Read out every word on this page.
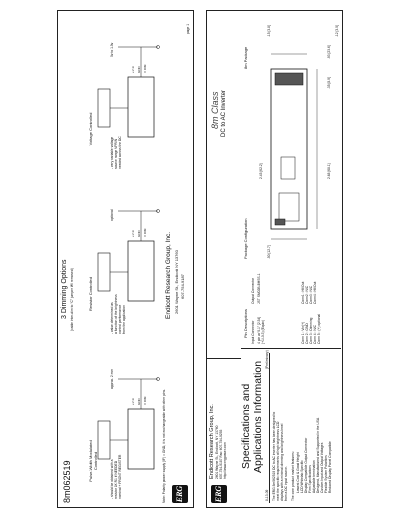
8m062519
3 Dimming Options (cable inter-dim to "C" jumper W/ removed)
+V in GND V DIM
+V in GND V DIM
+V in GND V DIM
- should be obtained with a resistor 1K R1 if NEEDED nominal + FRONT REGISTER
- value determined as a function of the brightness control performance from the application
- very variable voltage source range VPR/N needed across the DC
Pulse-Width Modulated Controlled
Resistor Controlled
Voltage Controlled
approx. 2 mm
optional
0v to 1.5v
Note: Polarity power supply (IF) = GND, it is not exchangeable with other pins.	ERG
Endicott Research Group, Inc. 2601 Wayne St., Endicott NY 13760 607-754-9187
page 1
ERG
Endicott Research Group, Inc. 2601 Wayne St., Endicott, NY 13760 607-754-9187 Fax: 607-754-9255 http://www.ergpower.com
8m Class DC to AC Inverter
Specifications and Applications Information
8-13-09
(Preliminary)
The ERG 8m062519 DC to AC inverter has been designed to meet the specific requirements of high brightness LCD displays with a minimal dimming and brightness level from a DC input source. The core product market features: Lowest Cost & Good Height LCD Whitelab Specific Display Compatible Output Connector Firm Specifications Adjustable termination Designed, Manufactured and Supported in the USA Custom Input and Output Voltages Flexible System Polarities Reduced Display Panel Compatible
Pin Descriptions Input Connector
Output Connector
4 pin w/ 0.1" [2.54] (+1/-0.3) (Equiv)
JST SM02B-BHSS-1
Conn 1 : Vin(+) Conn 2 : GND Conn 3 : Dimming Conn 4 : N/C Conn 5 : (+) optional
Conn1 : HVOut Conn2 : N/C Conn3 : N/C Conn4 : HVOut
8m Package
Package Configuration
2.68 [68.1]
.50 [12.7]
2.45 [62.2]
.93 [23.6]
.15 [3.8]
.35 [8.9]
.12 [3.0]
